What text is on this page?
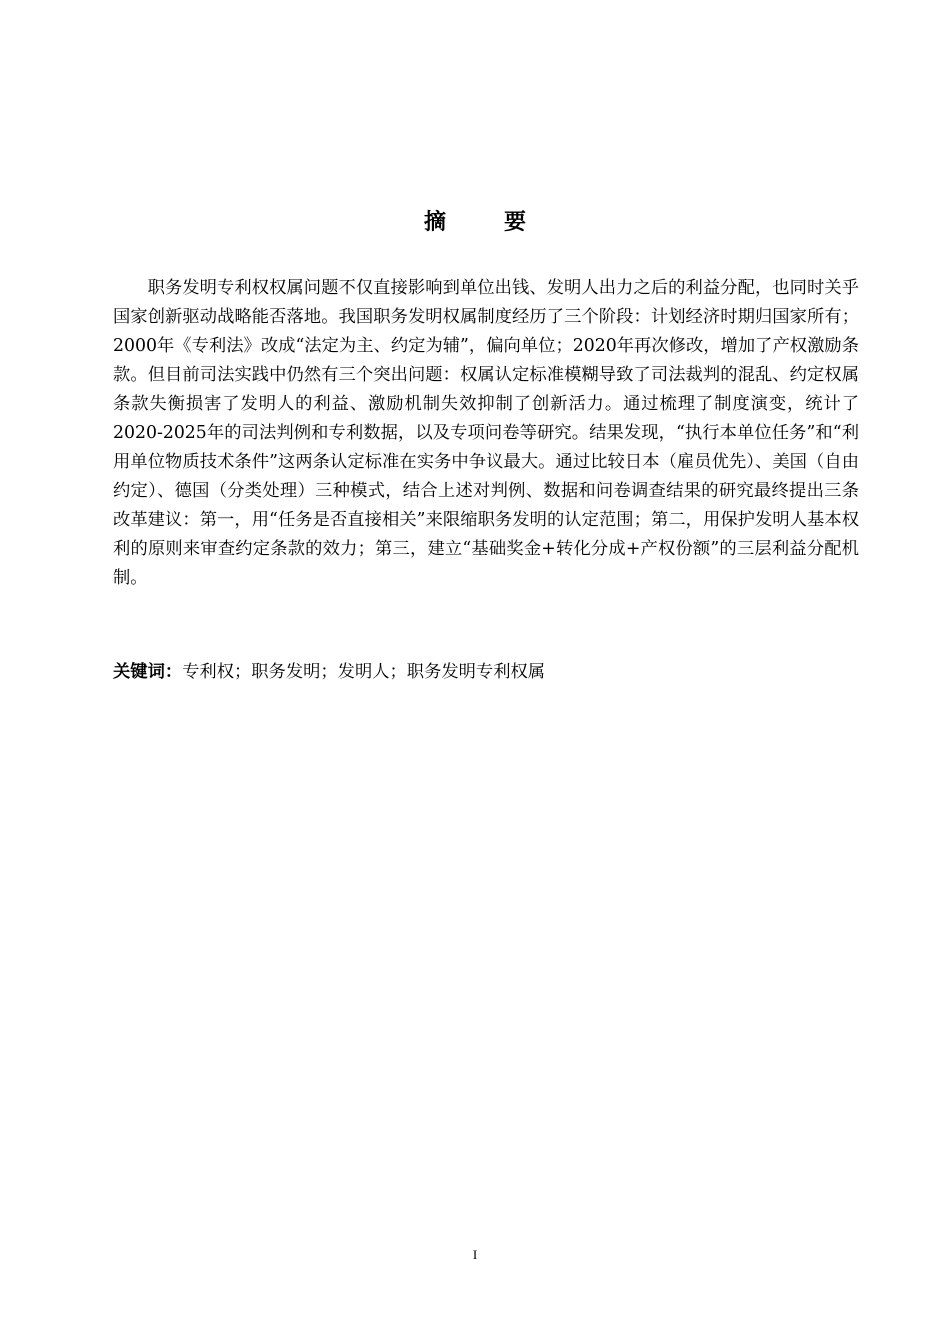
摘要

职务发明专利权权属问题不仅直接影响到单位出钱、发明人出力之后的利益分配，也同时关乎国家创新驱动战略能否落地。我国职务发明权属制度经历了三个阶段：计划经济时期归国家所有；2000年《专利法》改成“法定为主、约定为辅”，偏向单位；2020年再次修改，增加了产权激励条款。但目前司法实践中仍然有三个突出问题：权属认定标准模糊导致了司法裁判的混乱、约定权属条款失衡损害了发明人的利益、激励机制失效抑制了创新活力。通过梳理了制度演变，统计了2020-2025年的司法判例和专利数据，以及专项问卷等研究。结果发现，“执行本单位任务”和“利用单位物质技术条件”这两条认定标准在实务中争议最大。通过比较日本（雇员优先）、美国（自由约定）、德国（分类处理）三种模式，结合上述对判例、数据和问卷调查结果的研究最终提出三条改革建议：第一，用“任务是否直接相关”来限缩职务发明的认定范围；第二，用保护发明人基本权利的原则来审查约定条款的效力；第三，建立“基础奖金+转化分成+产权份额”的三层利益分配机制。

关键词：专利权；职务发明；发明人；职务发明专利权属

I
